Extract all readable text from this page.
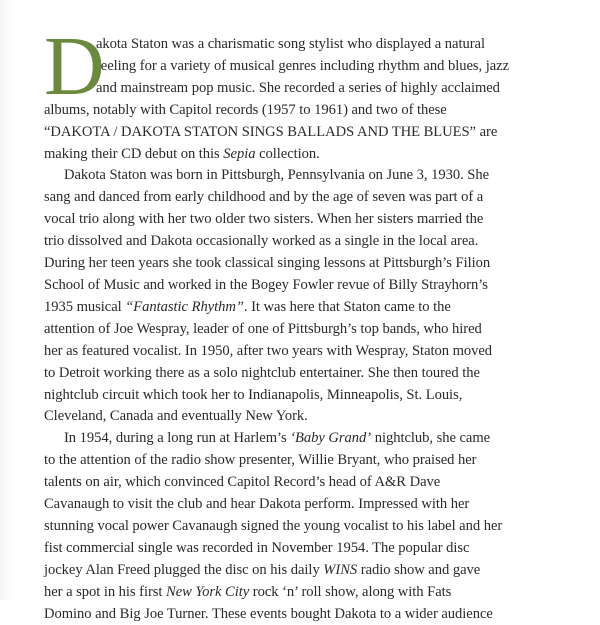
D
akota Staton was a charismatic song stylist who displayed a natural
feeling for a variety of musical genres including rhythm and blues, jazz
and mainstream pop music. She recorded a series of highly acclaimed
albums, notably with Capitol records (1957 to 1961) and two of these
“DAKOTA / DAKOTA STATON SINGS BALLADS AND THE BLUES” are
making their CD debut on this Sepia collection.
Dakota Staton was born in Pittsburgh, Pennsylvania on June 3, 1930. She
sang and danced from early childhood and by the age of seven was part of a
vocal trio along with her two older two sisters. When her sisters married the
trio dissolved and Dakota occasionally worked as a single in the local area.
During her teen years she took classical singing lessons at Pittsburgh’s Filion
School of Music and worked in the Bogey Fowler revue of Billy Strayhorn’s
1935 musical “Fantastic Rhythm”. It was here that Staton came to the
attention of Joe Wespray, leader of one of Pittsburgh’s top bands, who hired
her as featured vocalist. In 1950, after two years with Wespray, Staton moved
to Detroit working there as a solo nightclub entertainer. She then toured the
nightclub circuit which took her to Indianapolis, Minneapolis, St. Louis,
Cleveland, Canada and eventually New York.
In 1954, during a long run at Harlem’s ‘Baby Grand’ nightclub, she came
to the attention of the radio show presenter, Willie Bryant, who praised her
talents on air, which convinced Capitol Record’s head of A&R Dave
Cavanaugh to visit the club and hear Dakota perform. Impressed with her
stunning vocal power Cavanaugh signed the young vocalist to his label and her
fist commercial single was recorded in November 1954. The popular disc
jockey Alan Freed plugged the disc on his daily WINS radio show and gave
her a spot in his first New York City rock ‘n’ roll show, along with Fats
Domino and Big Joe Turner. These events bought Dakota to a wider audience
